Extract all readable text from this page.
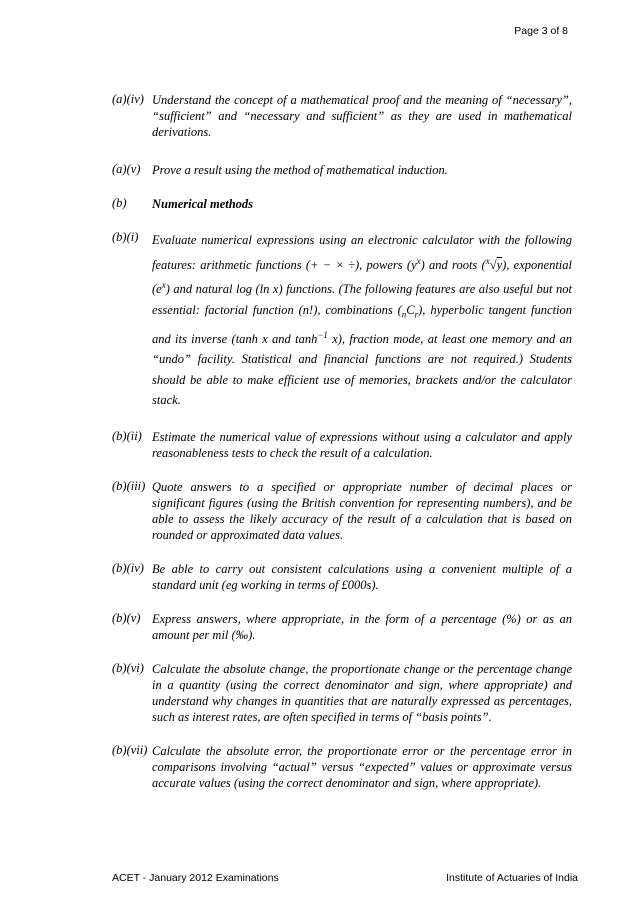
Page 3 of 8
(a)(iv) Understand the concept of a mathematical proof and the meaning of “necessary”, “sufficient” and “necessary and sufficient” as they are used in mathematical derivations.
(a)(v) Prove a result using the method of mathematical induction.
(b) Numerical methods
(b)(i) Evaluate numerical expressions using an electronic calculator with the following features: arithmetic functions (+ − × ÷), powers $(y^x)$ and roots ($^x$√y), exponential $(e^x)$ and natural log (ln x) functions. (The following features are also useful but not essential: factorial function (n!), combinations $(_nC_r)$, hyperbolic tangent function and its inverse (tanh x and $\tanh^{-1} x$), fraction mode, at least one memory and an “undo” facility. Statistical and financial functions are not required.) Students should be able to make efficient use of memories, brackets and/or the calculator stack.
(b)(ii) Estimate the numerical value of expressions without using a calculator and apply reasonableness tests to check the result of a calculation.
(b)(iii) Quote answers to a specified or appropriate number of decimal places or significant figures (using the British convention for representing numbers), and be able to assess the likely accuracy of the result of a calculation that is based on rounded or approximated data values.
(b)(iv) Be able to carry out consistent calculations using a convenient multiple of a standard unit (eg working in terms of £000s).
(b)(v) Express answers, where appropriate, in the form of a percentage (%) or as an amount per mil (‰).
(b)(vi) Calculate the absolute change, the proportionate change or the percentage change in a quantity (using the correct denominator and sign, where appropriate) and understand why changes in quantities that are naturally expressed as percentages, such as interest rates, are often specified in terms of “basis points”.
(b)(vii) Calculate the absolute error, the proportionate error or the percentage error in comparisons involving “actual” versus “expected” values or approximate versus accurate values (using the correct denominator and sign, where appropriate).
ACET - January 2012 Examinations	Institute of Actuaries of India
